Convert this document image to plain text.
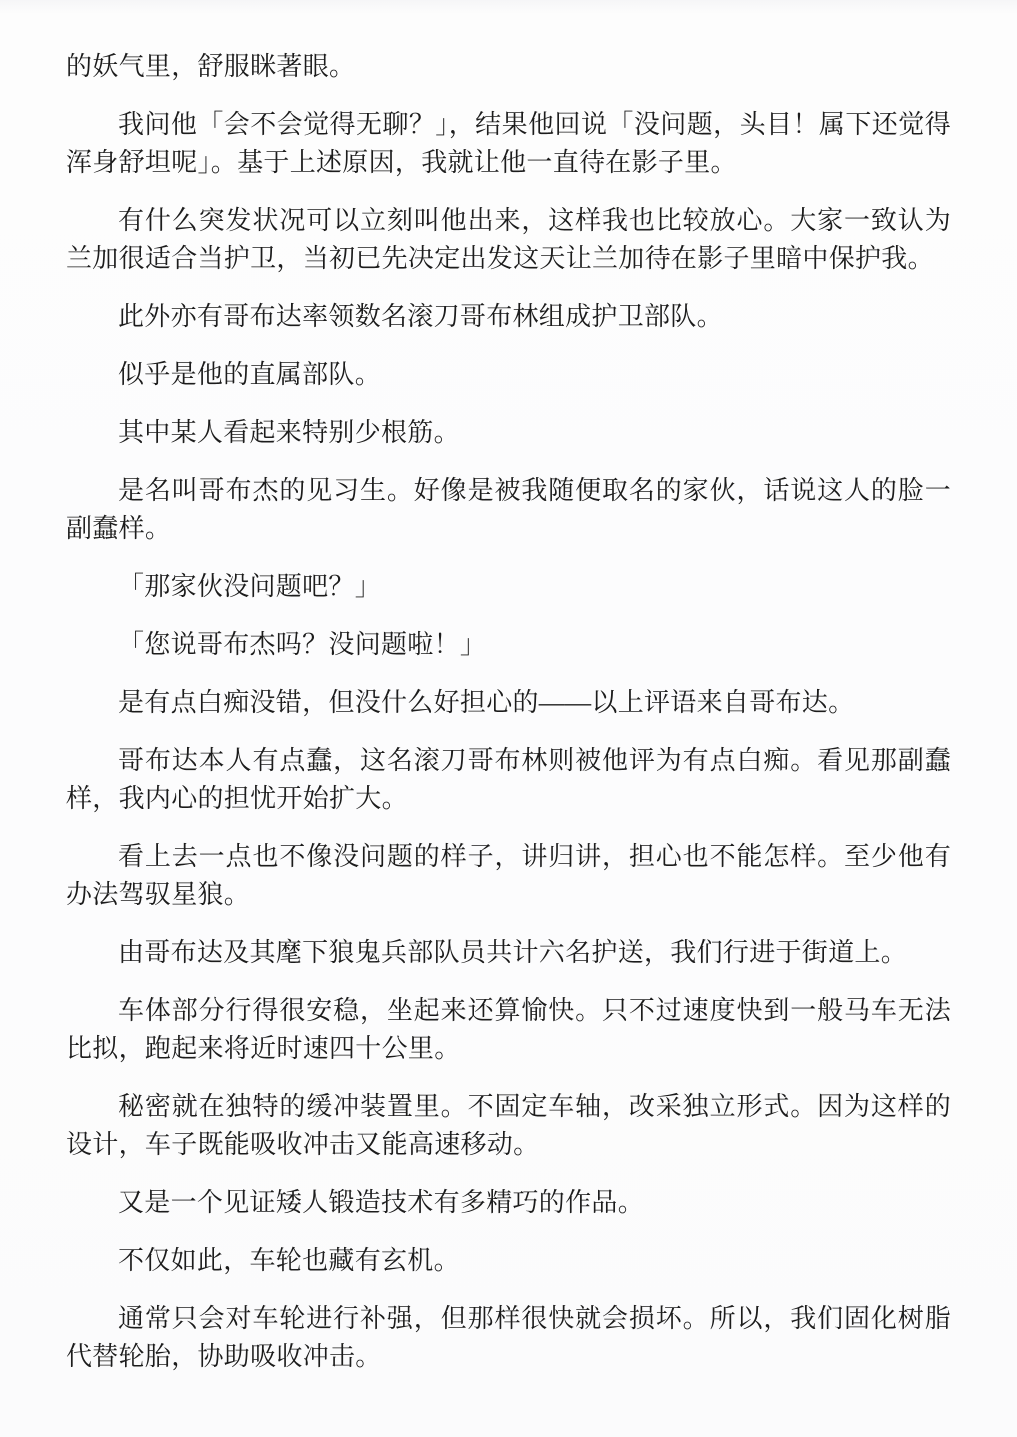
的妖气里，舒服眯著眼。

我问他「会不会觉得无聊？」，结果他回说「没问题，头目！属下还觉得浑身舒坦呢」。基于上述原因，我就让他一直待在影子里。

有什么突发状况可以立刻叫他出来，这样我也比较放心。大家一致认为兰加很适合当护卫，当初已先决定出发这天让兰加待在影子里暗中保护我。

此外亦有哥布达率领数名滚刀哥布林组成护卫部队。

似乎是他的直属部队。

其中某人看起来特别少根筋。

是名叫哥布杰的见习生。好像是被我随便取名的家伙，话说这人的脸一副蠢样。

「那家伙没问题吧？」

「您说哥布杰吗？没问题啦！」

是有点白痴没错，但没什么好担心的——以上评语来自哥布达。

哥布达本人有点蠢，这名滚刀哥布林则被他评为有点白痴。看见那副蠢样，我内心的担忧开始扩大。

看上去一点也不像没问题的样子，讲归讲，担心也不能怎样。至少他有办法驾驭星狼。

由哥布达及其麾下狼鬼兵部队员共计六名护送，我们行进于街道上。

车体部分行得很安稳，坐起来还算愉快。只不过速度快到一般马车无法比拟，跑起来将近时速四十公里。

秘密就在独特的缓冲装置里。不固定车轴，改采独立形式。因为这样的设计，车子既能吸收冲击又能高速移动。

又是一个见证矮人锻造技术有多精巧的作品。

不仅如此，车轮也藏有玄机。

通常只会对车轮进行补强，但那样很快就会损坏。所以，我们固化树脂代替轮胎，协助吸收冲击。
